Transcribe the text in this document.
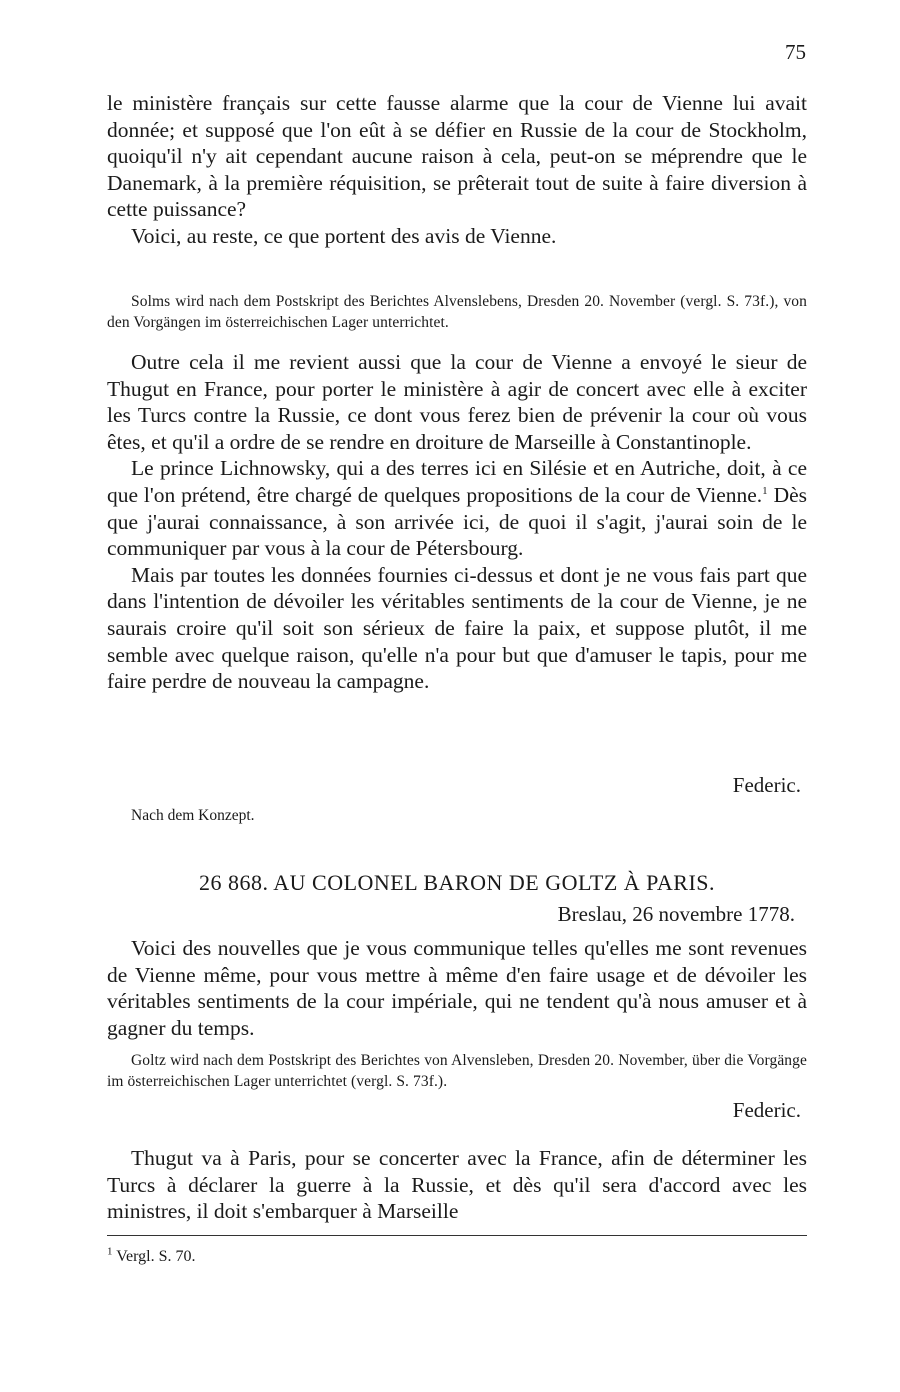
75

le ministère français sur cette fausse alarme que la cour de Vienne lui avait donnée; et supposé que l'on eût à se défier en Russie de la cour de Stockholm, quoiqu'il n'y ait cependant aucune raison à cela, peut-on se méprendre que le Danemark, à la première réquisition, se prêterait tout de suite à faire diversion à cette puissance?

Voici, au reste, ce que portent des avis de Vienne.

Solms wird nach dem Postskript des Berichtes Alvenslebens, Dresden 20. November (vergl. S. 73f.), von den Vorgängen im österreichischen Lager unterrichtet.

Outre cela il me revient aussi que la cour de Vienne a envoyé le sieur de Thugut en France, pour porter le ministère à agir de concert avec elle à exciter les Turcs contre la Russie, ce dont vous ferez bien de prévenir la cour où vous êtes, et qu'il a ordre de se rendre en droiture de Marseille à Constantinople.

Le prince Lichnowsky, qui a des terres ici en Silésie et en Autriche, doit, à ce que l'on prétend, être chargé de quelques propositions de la cour de Vienne.$^1$ Dès que j'aurai connaissance, à son arrivée ici, de quoi il s'agit, j'aurai soin de le communiquer par vous à la cour de Pétersbourg.

Mais par toutes les données fournies ci-dessus et dont je ne vous fais part que dans l'intention de dévoiler les véritables sentiments de la cour de Vienne, je ne saurais croire qu'il soit son sérieux de faire la paix, et suppose plutôt, il me semble avec quelque raison, qu'elle n'a pour but que d'amuser le tapis, pour me faire perdre de nouveau la campagne.

Federic.

Nach dem Konzept.

26 868. AU COLONEL BARON DE GOLTZ À PARIS.

Breslau, 26 novembre 1778.

Voici des nouvelles que je vous communique telles qu'elles me sont revenues de Vienne même, pour vous mettre à même d'en faire usage et de dévoiler les véritables sentiments de la cour impériale, qui ne tendent qu'à nous amuser et à gagner du temps.

Goltz wird nach dem Postskript des Berichtes von Alvensleben, Dresden 20. November, über die Vorgänge im österreichischen Lager unterrichtet (vergl. S. 73f.).

Federic.

Thugut va à Paris, pour se concerter avec la France, afin de déterminer les Turcs à déclarer la guerre à la Russie, et dès qu'il sera d'accord avec les ministres, il doit s'embarquer à Marseille

$^1$ Vergl. S. 70.
